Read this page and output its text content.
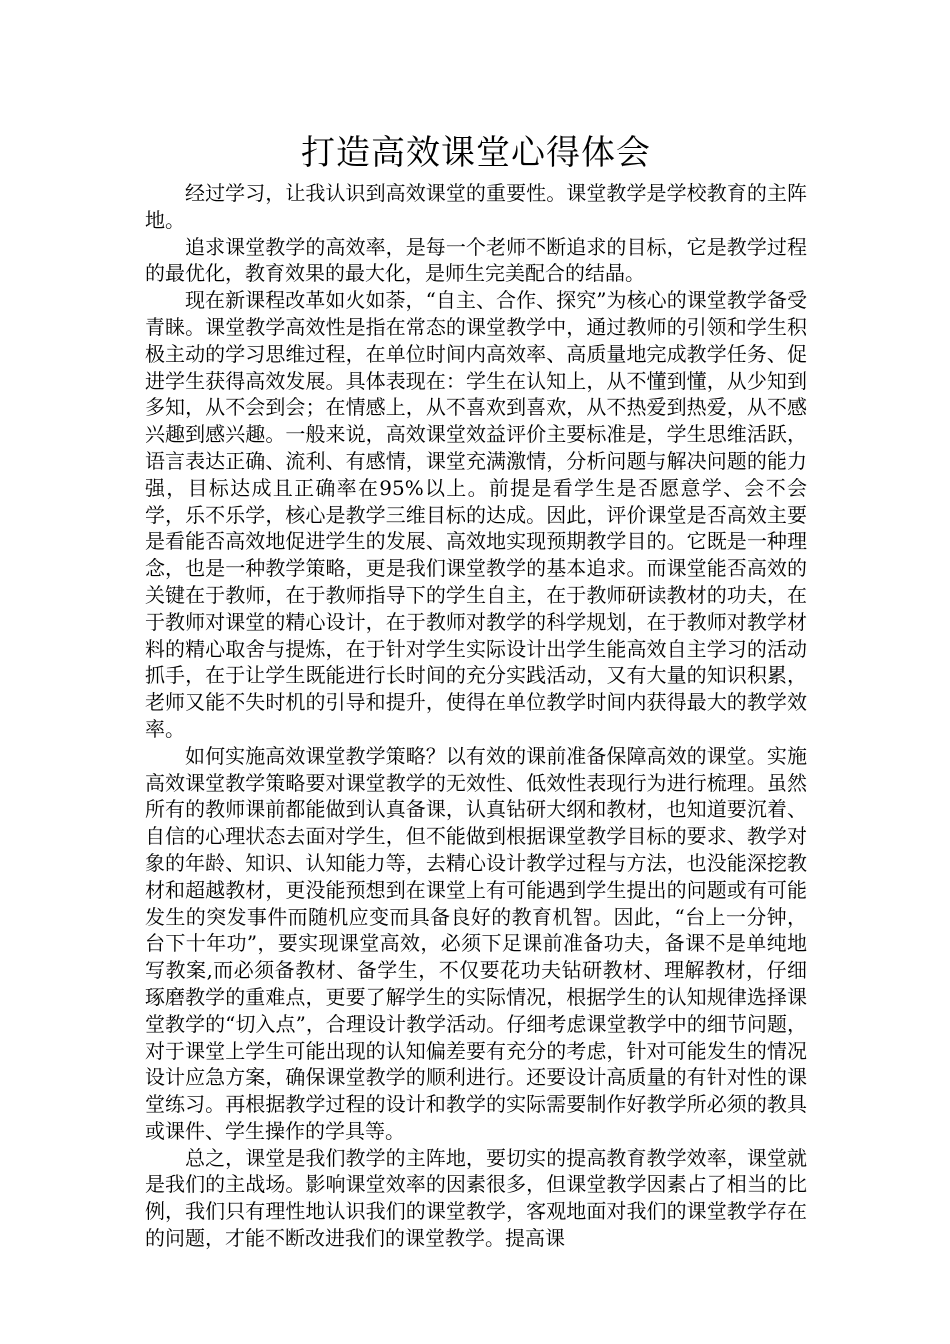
打造高效课堂心得体会

经过学习，让我认识到高效课堂的重要性。课堂教学是学校教育的主阵地。

追求课堂教学的高效率，是每一个老师不断追求的目标，它是教学过程的最优化，教育效果的最大化，是师生完美配合的结晶。

现在新课程改革如火如荼，“自主、合作、探究”为核心的课堂教学备受青睐。课堂教学高效性是指在常态的课堂教学中，通过教师的引领和学生积极主动的学习思维过程，在单位时间内高效率、高质量地完成教学任务、促进学生获得高效发展。具体表现在：学生在认知上，从不懂到懂，从少知到多知，从不会到会；在情感上，从不喜欢到喜欢，从不热爱到热爱，从不感兴趣到感兴趣。一般来说，高效课堂效益评价主要标准是，学生思维活跃，语言表达正确、流利、有感情，课堂充满激情，分析问题与解决问题的能力强，目标达成且正确率在95%以上。前提是看学生是否愿意学、会不会学，乐不乐学，核心是教学三维目标的达成。因此，评价课堂是否高效主要是看能否高效地促进学生的发展、高效地实现预期教学目的。它既是一种理念，也是一种教学策略，更是我们课堂教学的基本追求。而课堂能否高效的关键在于教师，在于教师指导下的学生自主，在于教师研读教材的功夫，在于教师对课堂的精心设计，在于教师对教学的科学规划，在于教师对教学材料的精心取舍与提炼，在于针对学生实际设计出学生能高效自主学习的活动抓手，在于让学生既能进行长时间的充分实践活动，又有大量的知识积累，老师又能不失时机的引导和提升，使得在单位教学时间内获得最大的教学效率。

如何实施高效课堂教学策略？以有效的课前准备保障高效的课堂。实施高效课堂教学策略要对课堂教学的无效性、低效性表现行为进行梳理。虽然所有的教师课前都能做到认真备课，认真钻研大纲和教材，也知道要沉着、自信的心理状态去面对学生，但不能做到根据课堂教学目标的要求、教学对象的年龄、知识、认知能力等，去精心设计教学过程与方法，也没能深挖教材和超越教材，更没能预想到在课堂上有可能遇到学生提出的问题或有可能发生的突发事件而随机应变而具备良好的教育机智。因此，“台上一分钟，台下十年功”，要实现课堂高效，必须下足课前准备功夫，备课不是单纯地写教案,而必须备教材、备学生，不仅要花功夫钻研教材、理解教材，仔细琢磨教学的重难点，更要了解学生的实际情况，根据学生的认知规律选择课堂教学的“切入点”，合理设计教学活动。仔细考虑课堂教学中的细节问题，对于课堂上学生可能出现的认知偏差要有充分的考虑，针对可能发生的情况设计应急方案，确保课堂教学的顺利进行。还要设计高质量的有针对性的课堂练习。再根据教学过程的设计和教学的实际需要制作好教学所必须的教具或课件、学生操作的学具等。

总之，课堂是我们教学的主阵地，要切实的提高教育教学效率，课堂就是我们的主战场。影响课堂效率的因素很多，但课堂教学因素占了相当的比例，我们只有理性地认识我们的课堂教学，客观地面对我们的课堂教学存在的问题，才能不断改进我们的课堂教学。提高课
